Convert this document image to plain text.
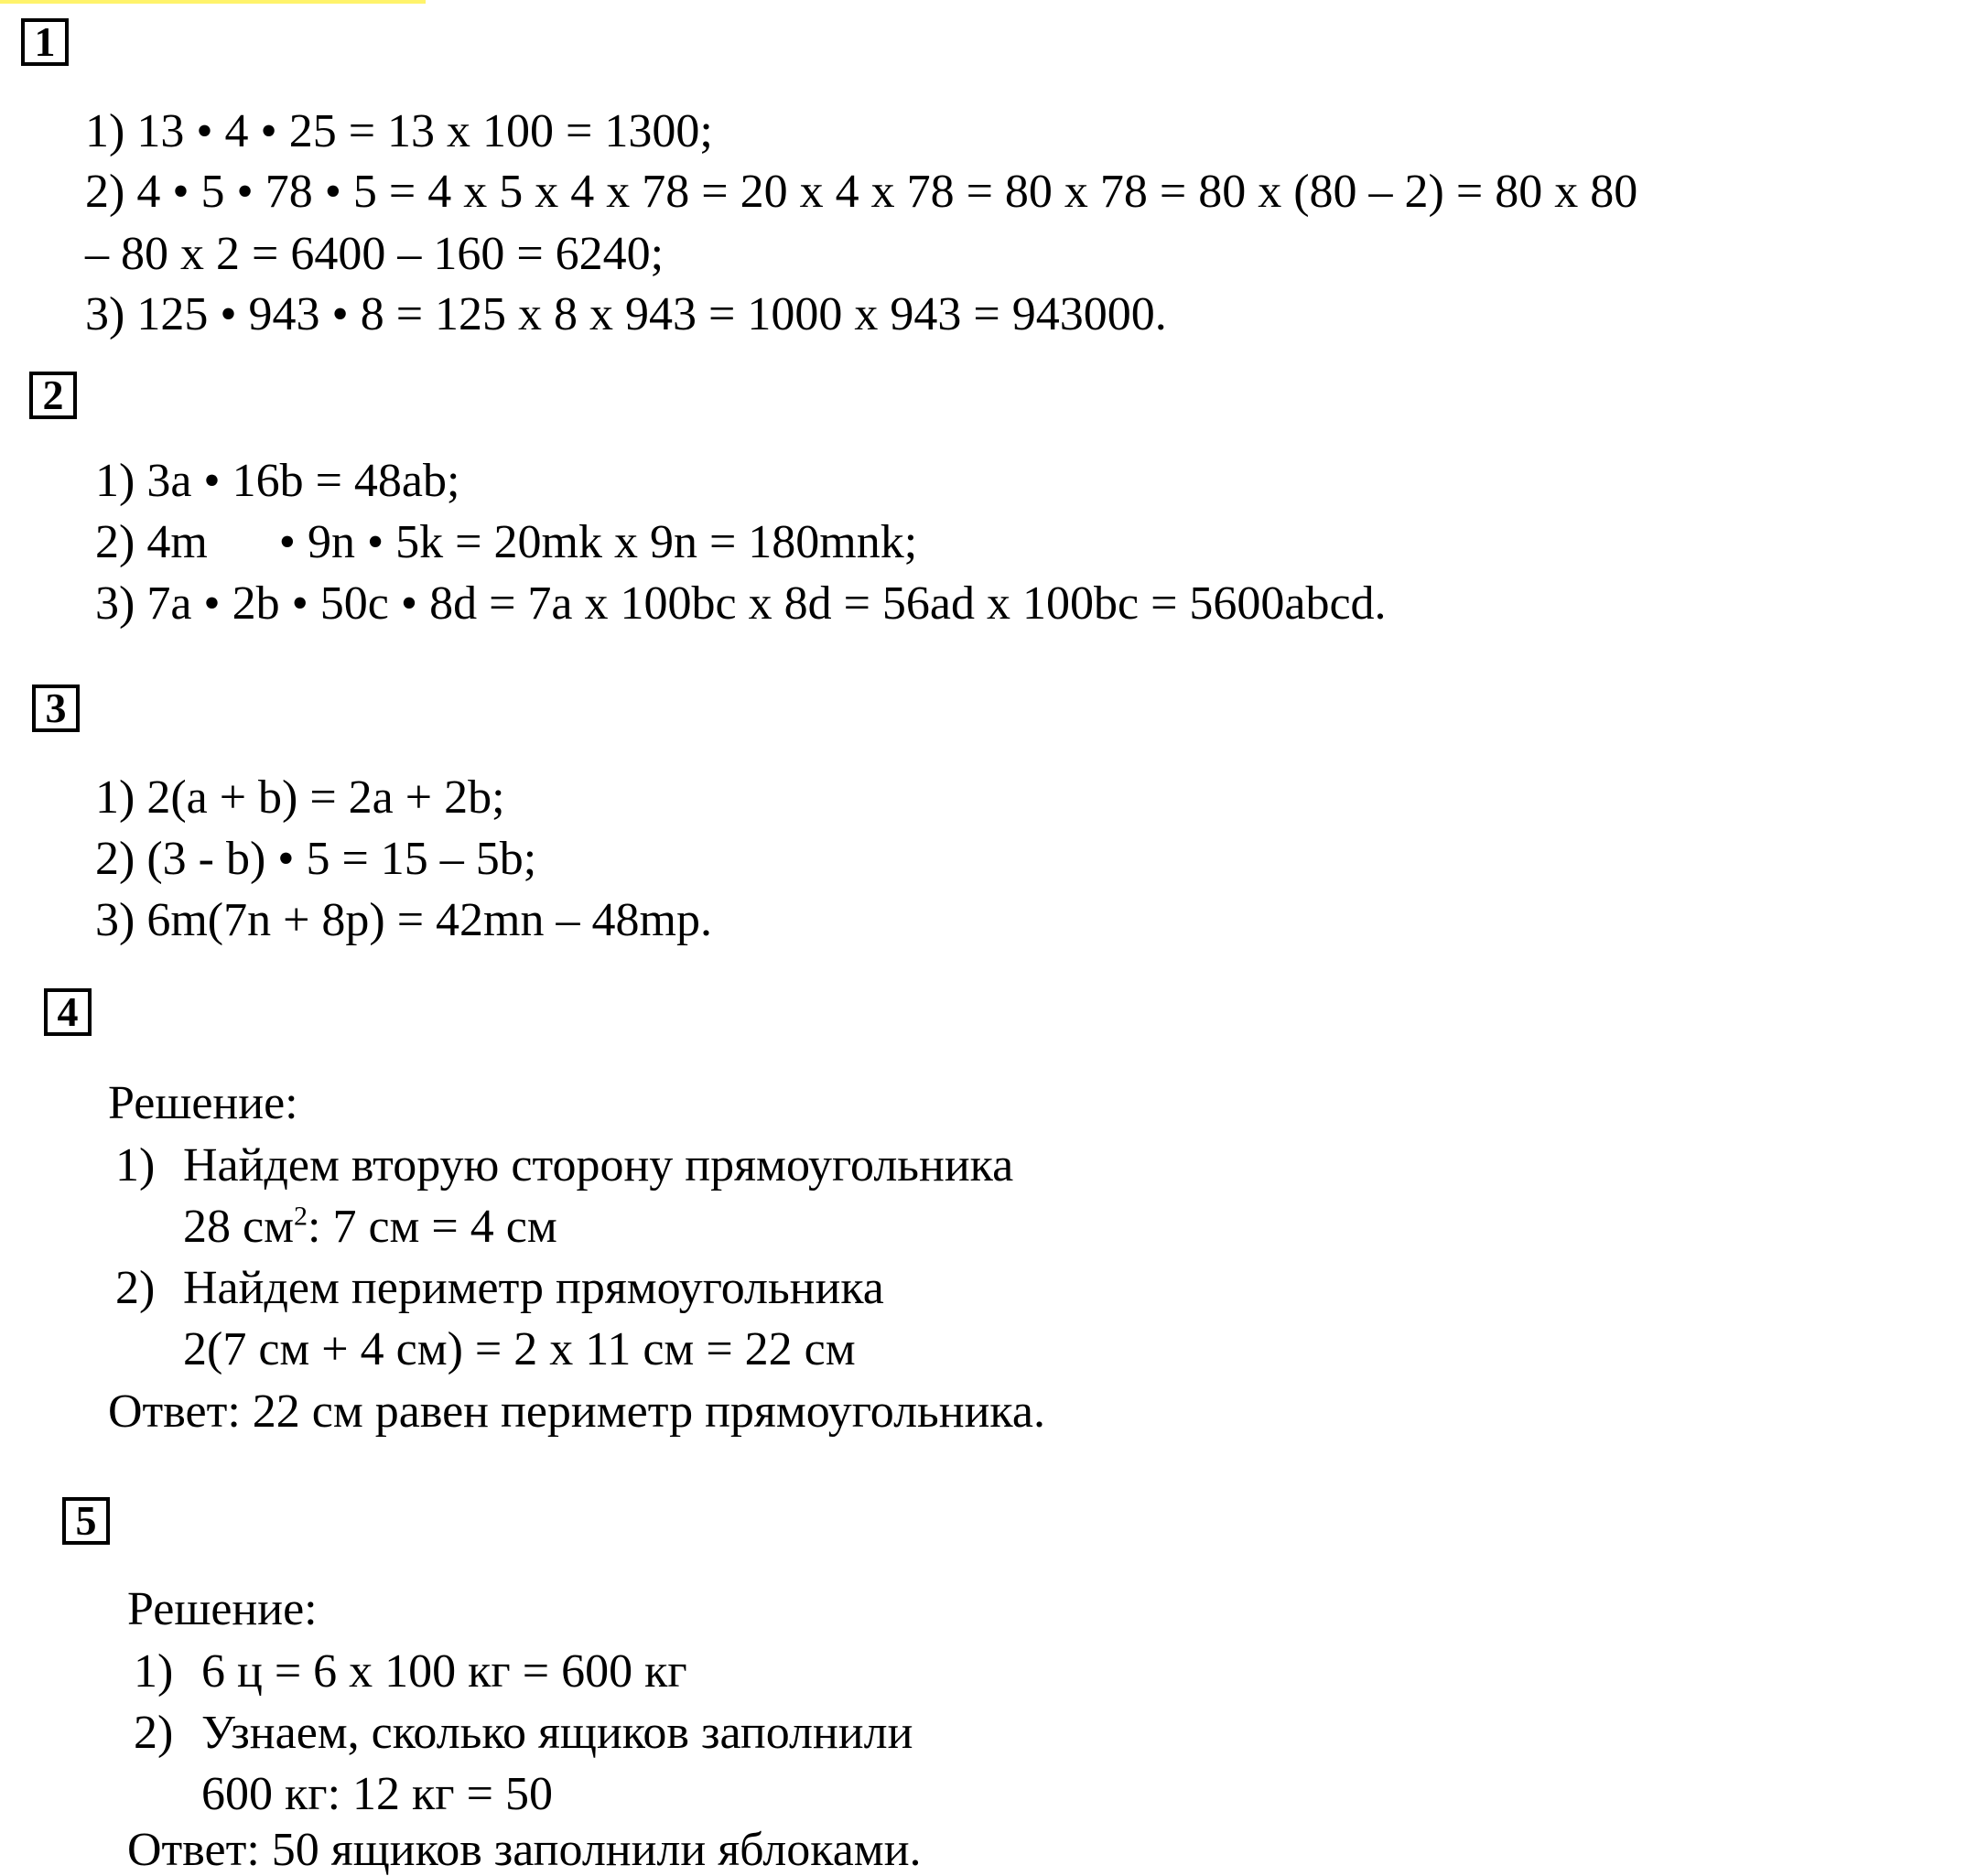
1
1) 13 • 4 • 25 = 13 х 100 = 1300;
2) 4 • 5 • 78 • 5 = 4 х 5 х 4 х 78 = 20 х 4 х 78 = 80 х 78 = 80 х (80 – 2) = 80 х 80
– 80 х 2 = 6400 – 160 = 6240;
3) 125 • 943 • 8 = 125 х 8 х 943 = 1000 х 943 = 943000.
2
1) 3a • 16b = 48ab;
2) 4m      • 9n • 5k = 20mk х 9n = 180mnk;
3) 7a • 2b • 50c • 8d = 7a х 100bc х 8d = 56ad х 100bc = 5600abcd.
3
1) 2(a + b) = 2a + 2b;
2) (3 - b) • 5 = 15 – 5b;
3) 6m(7n + 8p) = 42mn – 48mp.
4
Решение:
1) Найдем вторую сторону прямоугольника
28 $см^2$: 7 см = 4 см
2) Найдем периметр прямоугольника
2(7 см + 4 см) = 2 х 11 см = 22 см
Ответ: 22 см равен периметр прямоугольника.
5
Решение:
1) 6 ц = 6 х 100 кг = 600 кг
2) Узнаем, сколько ящиков заполнили
600 кг: 12 кг = 50
Ответ: 50 ящиков заполнили яблоками.
